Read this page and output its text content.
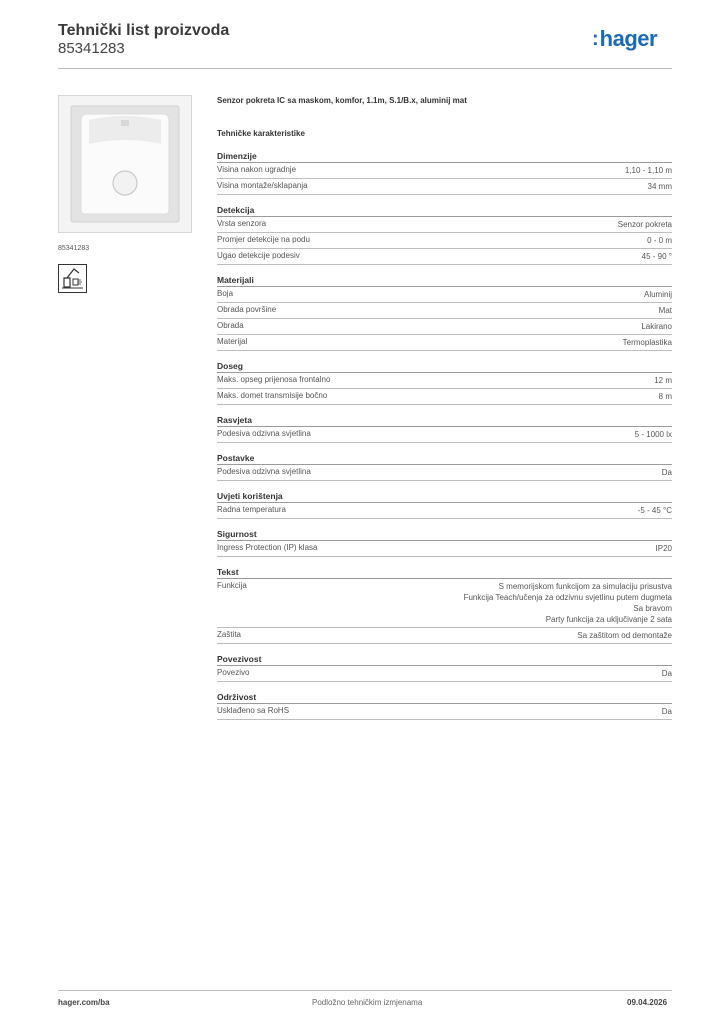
Tehnički list proizvoda
85341283	: hager
85341283
Senzor pokreta IC sa maskom, komfor, 1.1m, S.1/B.x, aluminij mat
Tehničke karakteristike
Dimenzije
Visina nakon ugradnje	1,10 - 1,10 m
Visina montaže/sklapanja	34 mm
Detekcija
Vrsta senzora	Senzor pokreta
Promjer detekcije na podu	0 - 0 m
Ugao detekcije podesiv	45 - 90 °
Materijali
Boja	Aluminij
Obrada površine	Mat
Obrada	Lakirano
Materijal	Termoplastika
Doseg
Maks. opseg prijenosa frontalno	12 m
Maks. domet transmisije bočno	8 m
Rasvjeta
Podesiva odzivna svjetlina	5 - 1000 lx
Postavke
Podesiva odzivna svjetlina	Da
Uvjeti korištenja
Radna temperatura	-5 - 45 °C
Sigurnost
Ingress Protection (IP) klasa	IP20
Tekst
Funkcija	S memorijskom funkcijom za simulaciju prisustva
Funkcija Teach/učenja za odzivnu svjetlinu putem dugmeta
Sa bravom
Party funkcija za uključivanje 2 sata
Zaštita	Sa zaštitom od demontaže
Povezivost
Povezivo	Da
Održivost
Usklađeno sa RoHS	Da
hager.com/ba	Podložno tehničkim izmjenama	09.04.2026
